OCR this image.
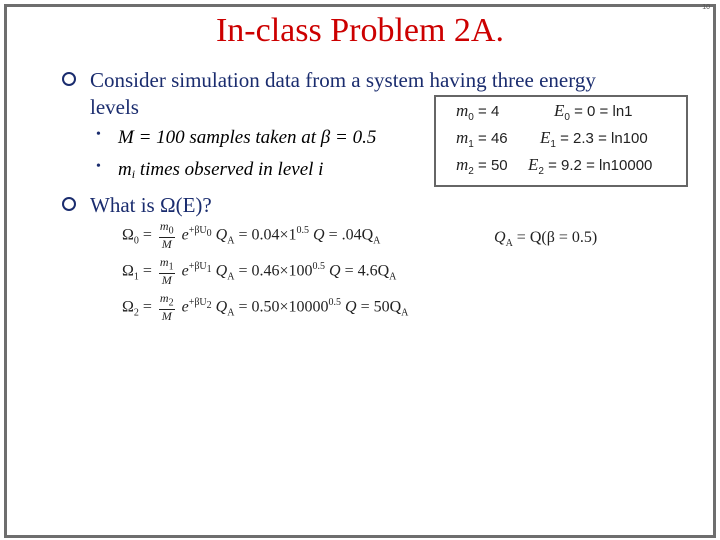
10
In-class Problem 2A.
Consider simulation data from a system having three energy
levels
• M = 100 samples taken at β = 0.5
• mi times observed in level i
What is Ω(E)?
$m_0 = 4$	$E_0 = 0 = \ln 1$
$m_1 = 46$ $E_1 = 2.3 = \ln 100$
$m_2 = 50$ $E_2 = 9.2 = \ln 10000$
$\Omega_0 = \frac{m_0}{M} e^{+\beta U_0}$ $Q_A = 0.04\times 1^{0.5}$ $Q = .04Q_A$
$\Omega_1 = \frac{m_1}{M} e^{+\beta U_1}$ $Q_A = 0.46\times 100^{0.5}$ $Q = 4.6Q_A$
$\Omega_2 = \frac{m_2}{M} e^{+\beta U_2}$ $Q_A = 0.50\times 10000^{0.5}$ $Q = 50Q_A$
$Q_A = Q(\beta = 0.5)$
